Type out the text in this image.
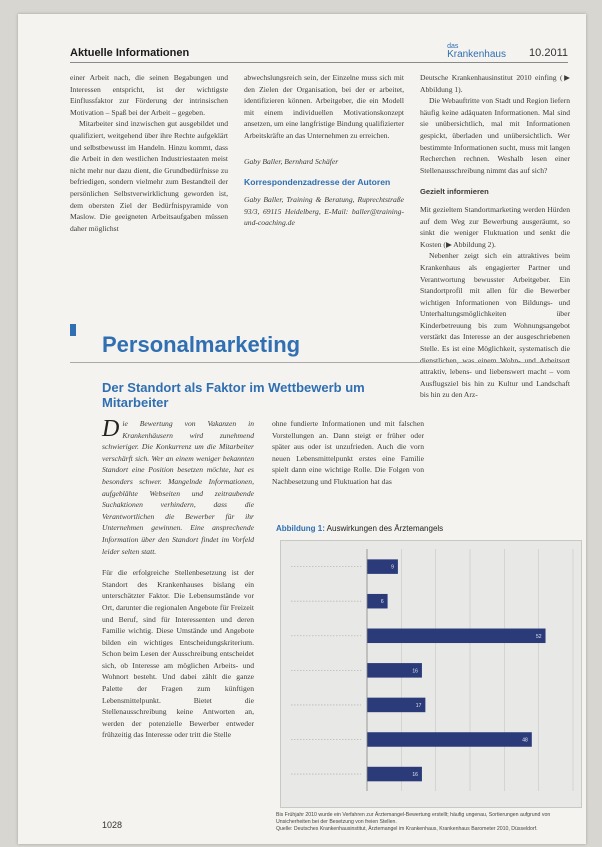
Aktuelle Informationen
das
Krankenhaus 10.2011

einer Arbeit nach, die seinen Begabungen und Interessen entspricht, ist der wichtigste Einflussfaktor zur Förderung der intrinsischen Motivation – Spaß bei der Arbeit – gegeben.

Mitarbeiter sind inzwischen gut ausgebildet und qualifiziert, weitgehend über ihre Rechte aufgeklärt und selbstbewusst im Handeln. Hinzu kommt, dass die Arbeit in den westlichen Industriestaaten meist nicht mehr nur dazu dient, die Grundbedürfnisse zu befriedigen, sondern vielmehr zum Bestandteil der persönlichen Selbstverwirklichung geworden ist, dem obersten Ziel der Bedürfnispyramide von Maslow. Die geeigneten Arbeitsaufgaben müssen daher möglichst

abwechslungsreich sein, der Einzelne muss sich mit den Zielen der Organisation, bei der er arbeitet, identifizieren können. Arbeitgeber, die ein Modell mit einem individuellen Motivationskonzept ansetzen, um eine langfristige Bindung qualifizierter Arbeitskräfte an das Unternehmen zu erreichen.

Gaby Baller, Bernhard Schäfer

Korrespondenzadresse der Autoren

Gaby Baller, Training & Beratung, Ruprechtstraße 93/3, 69115 Heidelberg, E-Mail: baller@training-und-coaching.de

Deutsche Krankenhausinstitut 2010 einfing (▶ Abbildung 1).

Die Webauftritte von Stadt und Region liefern häufig keine adäquaten Informationen. Mal sind sie unübersichtlich, mal mit Informationen gespickt, überladen und unübersichtlich. Wer bestimmte Informationen sucht, muss mit langen Recherchen rechnen. Weshalb lesen einer Stellenausschreibung nimmt das auf sich?

Gezielt informieren

Mit gezieltem Standortmarketing werden Hürden auf dem Weg zur Bewerbung ausgeräumt, so sinkt die weniger Fluktuation und senkt die Kosten (▶ Abbildung 2).

Nebenher zeigt sich ein attraktives beim Krankenhaus als engagierter Partner und Verantwortung bewusster Arbeitgeber. Ein Standortprofil mit allen für die Bewerber wichtigen Informationen von Bildungs- und Unterhaltungsmöglichkeiten über Kinderbetreuung bis zum Wohnungsangebot verstärkt das Interesse an der ausgeschriebenen Stelle. Es ist eine Möglichkeit, systematisch die dienstlichen, was einem Wohn- und Arbeitsort attraktiv, lebens- und liebenswert macht – vom Ausflugsziel bis hin zu Kultur und Landschaft bis hin zu den Arz-

Personalmarketing
Der Standort als Faktor im Wettbewerb um Mitarbeiter

Die Bewertung von Vakanzen in Krankenhäusern wird zunehmend schwieriger. Die Konkurrenz um die Mitarbeiter verschärft sich. Wer an einem weniger bekannten Standort eine Position besetzen möchte, hat es besonders schwer. Mangelnde Informationen, aufgeblähte Webseiten und zeitraubende Suchaktionen verhindern, dass die Verantwortlichen die Bewerber für ihr Unternehmen gewinnen. Eine ansprechende Information über den Standort findet im Vorfeld leider selten statt.

Für die erfolgreiche Stellenbesetzung ist der Standort des Krankenhauses bislang ein unterschätzter Faktor. Die Lebensumstände vor Ort, darunter die regionalen Angebote für Freizeit und Beruf, sind für Interessenten und deren Familie wichtig. Diese Umstände und Angebote bilden ein wichtiges Entscheidungskriterium. Schon beim Lesen der Ausschreibung entscheidet sich, ob Interesse am möglichen Arbeits- und Wohnort besteht. Und dabei zählt die ganze Palette der Fragen zum künftigen Lebensmittelpunkt. Bietet die Stellenausschreibung keine Antworten an, werden der potenzielle Bewerber entweder frühzeitig das Interesse oder tritt die Stelle

ohne fundierte Informationen und mit falschen Vorstellungen an. Dann steigt er früher oder später aus oder ist unzufrieden. Auch die vorn neuen Lebensmittelpunkt erstes eine Familie spielt dann eine wichtige Rolle. Die Folgen von Nachbesetzung und Fluktuation hat das

Abbildung 1: Auswirkungen des Ärztemangels
9
6
52
16
17
48
16
Bis Frühjahr 2010 wurde ein Verfahren zur Ärztemangel-Bewertung erstellt; häufig ungenau, Sortierungen aufgrund von Unsicherheiten bei der Besetzung von freien Stellen.
Quelle: Deutsches Krankenhausinstitut, Ärztemangel im Krankenhaus, Krankenhaus Barometer 2010, Düsseldorf.
1028
